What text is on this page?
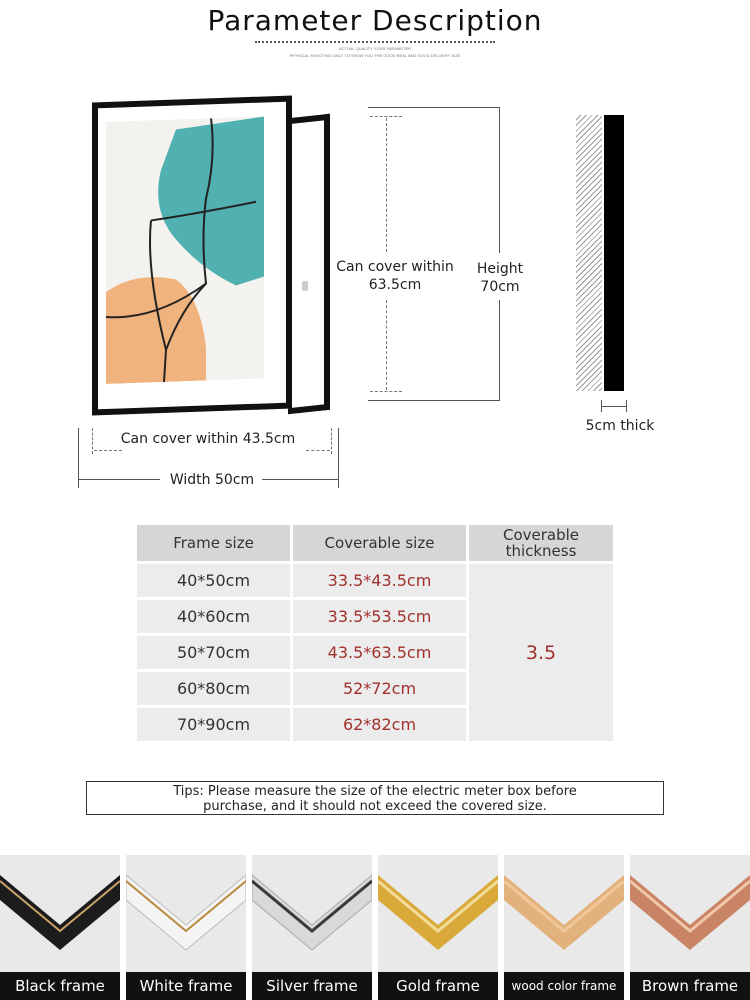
Parameter Description
ACTUAL QUALITY YOUR PARAMETER
PHYSICAL SHOOTING ONLY TO SHOW YOU THE GOOD REAL AND GOOD DELIVERY SIZE
Can cover within 43.5cm
Width 50cm
Can cover within 63.5cm
Height 70cm
5cm thick
Frame size	Coverable size	Coverable thickness
40*50cm	33.5*43.5cm	3.5
40*60cm	33.5*53.5cm	
50*70cm	43.5*63.5cm	
60*80cm	52*72cm	
70*90cm	62*82cm	
Tips: Please measure the size of the electric meter box before
purchase, and it should not exceed the covered size.
Black frame	White frame	Silver frame	Gold frame	wood color frame	Brown frame
